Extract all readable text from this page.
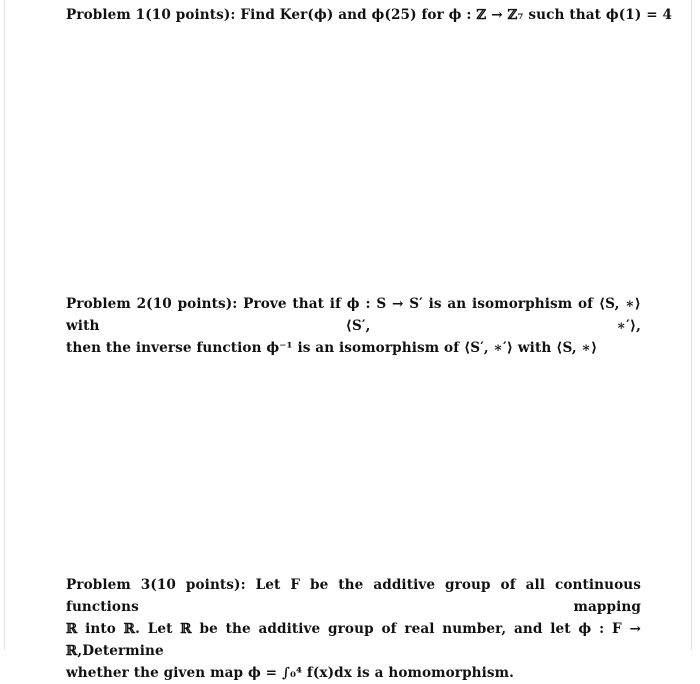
Problem 1(10 points): Find Ker(ϕ) and ϕ(25) for ϕ : ℤ → ℤ₇ such that ϕ(1) = 4
Problem 2(10 points): Prove that if ϕ : S → S′ is an isomorphism of ⟨S, ∗⟩ with ⟨S′, ∗′⟩,
then the inverse function ϕ⁻¹ is an isomorphism of ⟨S′, ∗′⟩ with ⟨S, ∗⟩
Problem 3(10 points): Let F be the additive group of all continuous functions mapping
ℝ into ℝ. Let ℝ be the additive group of real number, and let ϕ : F → ℝ,Determine
whether the given map ϕ = ∫₀⁴ f(x)dx is a homomorphism.
